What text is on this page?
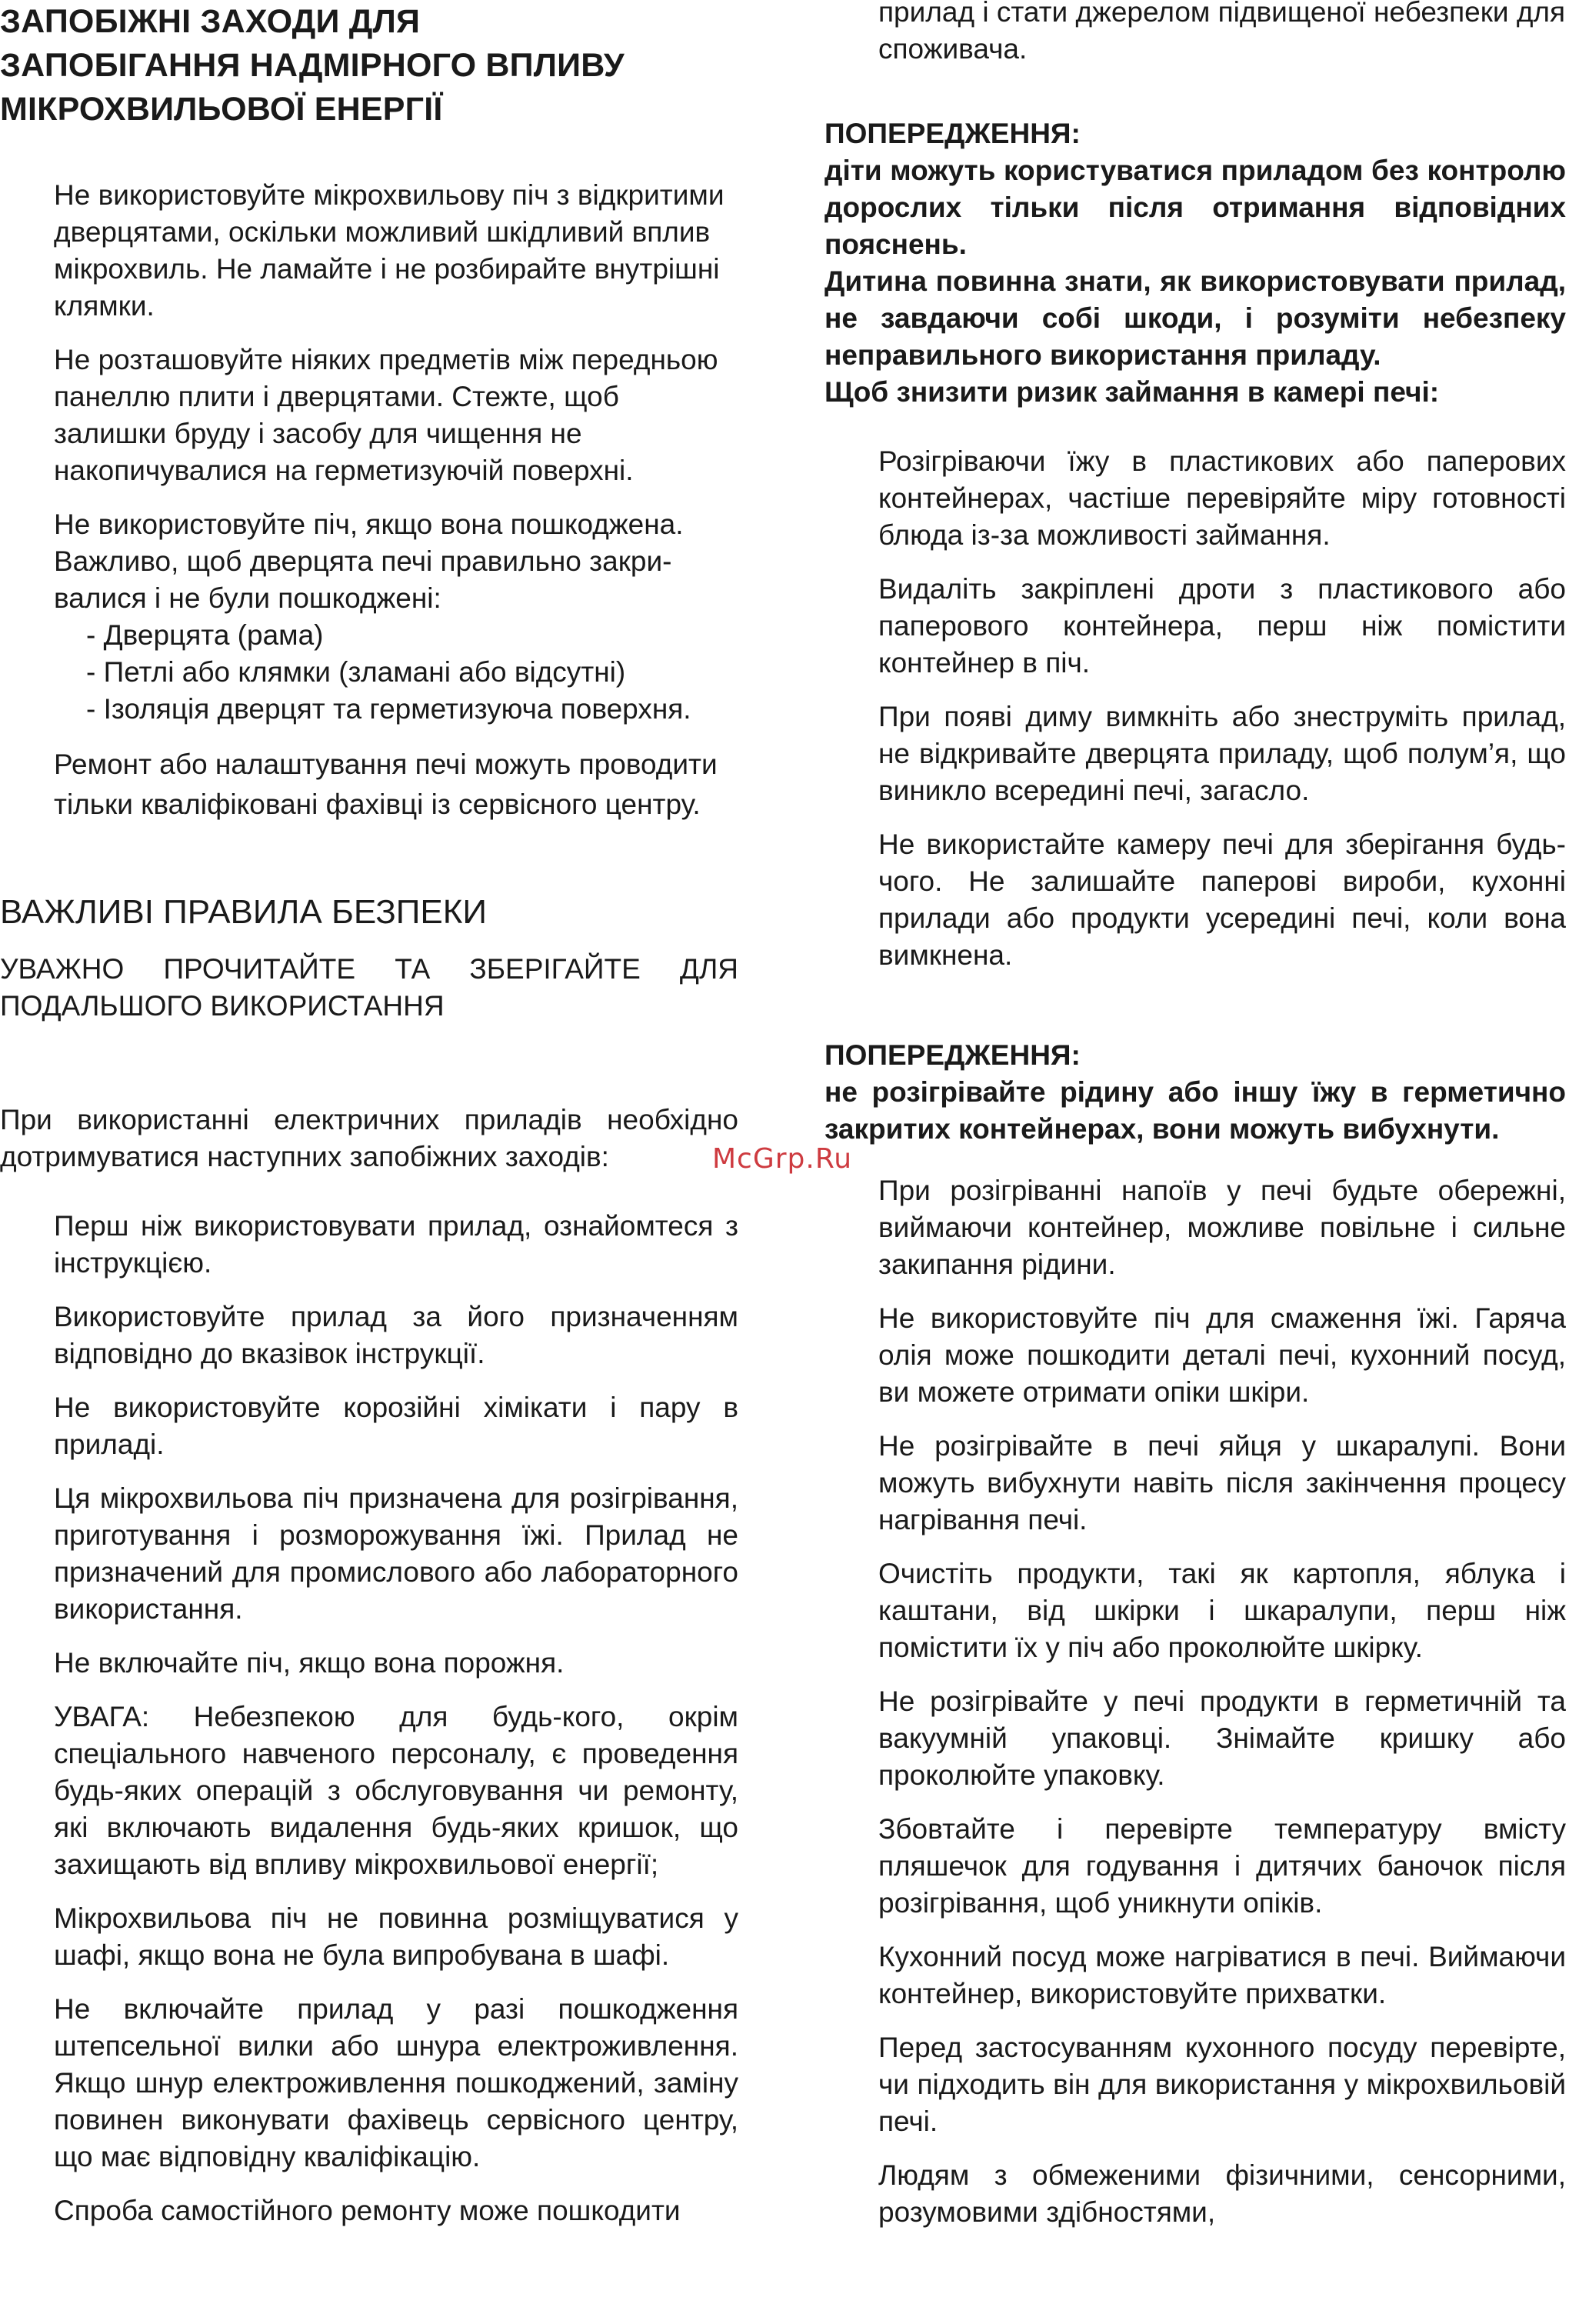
ЗАПОБІЖНІ ЗАХОДИ ДЛЯ
ЗАПОБІГАННЯ НАДМІРНОГО ВПЛИВУ
МІКРОХВИЛЬОВОЇ ЕНЕРГІЇ

Не використовуйте мікрохвильову піч з відкритими дверцятами, оскільки можливий шкідливий вплив мікрохвиль. Не ламайте і не розбирайте внутрішні клямки.

Не розташовуйте ніяких предметів між передньою панеллю плити і дверцятами. Стежте, щоб залишки бруду і засобу для чищення не накопичувалися на герметизуючій поверхні.

Не використовуйте піч, якщо вона пошкоджена. Важливо, щоб дверцята печі правильно закри-валися і не були пошкоджені:

- Дверцята (рама)
- Петлі або клямки (зламані або відсутні)
- Ізоляція дверцят та герметизуюча поверхня.

Ремонт або налаштування печі можуть проводити тільки кваліфіковані фахівці із сервісного центру.

ВАЖЛИВІ ПРАВИЛА БЕЗПЕКИ

УВАЖНО ПРОЧИТАЙТЕ ТА ЗБЕРІГАЙТЕ ДЛЯ ПОДАЛЬШОГО ВИКОРИСТАННЯ

При використанні електричних приладів необхідно дотримуватися наступних запобіжних заходів:

Перш ніж використовувати прилад, ознайомтеся з інструкцією.

Використовуйте прилад за його призначенням відповідно до вказівок інструкції.

Не використовуйте корозійні хімікати і пару в приладі.

Ця мікрохвильова піч призначена для розігрівання, приготування і розморожування їжі. Прилад не призначений для промислового або лабораторного використання.

Не включайте піч, якщо вона порожня.

УВАГА: Небезпекою для будь-кого, окрім спеціального навченого персоналу, є проведення будь-яких операцій з обслуговування чи ремонту, які включають видалення будь-яких кришок, що захищають від впливу мікрохвильової енергії;

Мікрохвильова піч не повинна розміщуватися у шафі, якщо вона не була випробувана в шафі.

Не включайте прилад у разі пошкодження штепсельної вилки або шнура електроживлення. Якщо шнур електроживлення пошкоджений, заміну повинен виконувати фахівець сервісного центру, що має відповідну кваліфікацію.

Спроба самостійного ремонту може пошкодити

прилад і стати джерелом підвищеної небезпеки для споживача.

ПОПЕРЕДЖЕННЯ:

діти можуть користуватися приладом без контролю дорослих тільки після отримання відповідних пояснень.

Дитина повинна знати, як використовувати прилад, не завдаючи собі шкоди, і розуміти небезпеку неправильного використання приладу.

Щоб знизити ризик займання в камері печі:

Розігріваючи їжу в пластикових або паперових контейнерах, частіше перевіряйте міру готовності блюда із-за можливості займання.

Видаліть закріплені дроти з пластикового або паперового контейнера, перш ніж помістити контейнер в піч.

При появі диму вимкніть або знеструміть прилад, не відкривайте дверцята приладу, щоб полум’я, що виникло всередині печі, загасло.

Не використайте камеру печі для зберігання будь-чого. Не залишайте паперові вироби, кухонні прилади або продукти усередині печі, коли вона вимкнена.

ПОПЕРЕДЖЕННЯ:

не розігрівайте рідину або іншу їжу в герметично закритих контейнерах, вони можуть вибухнути.

При розігріванні напоїв у печі будьте обережні, виймаючи контейнер, можливе повільне і сильне закипання рідини.

Не використовуйте піч для смаження їжі. Гаряча олія може пошкодити деталі печі, кухонний посуд, ви можете отримати опіки шкіри.

Не розігрівайте в печі яйця у шкаралупі. Вони можуть вибухнути навіть після закінчення процесу нагрівання печі.

Очистіть продукти, такі як картопля, яблука і каштани, від шкірки і шкаралупи, перш ніж помістити їх у піч або проколюйте шкірку.

Не розігрівайте у печі продукти в герметичній та вакуумній упаковці. Знімайте кришку або проколюйте упаковку.

Збовтайте і перевірте температуру вмісту пляшечок для годування і дитячих баночок після розігрівання, щоб уникнути опіків.

Кухонний посуд може нагріватися в печі. Виймаючи контейнер, використовуйте прихватки.

Перед застосуванням кухонного посуду перевірте, чи підходить він для використання у мікрохвильовій печі.

Людям з обмеженими фізичними, сенсорними, розумовими здібностями,

McGrp.Ru
